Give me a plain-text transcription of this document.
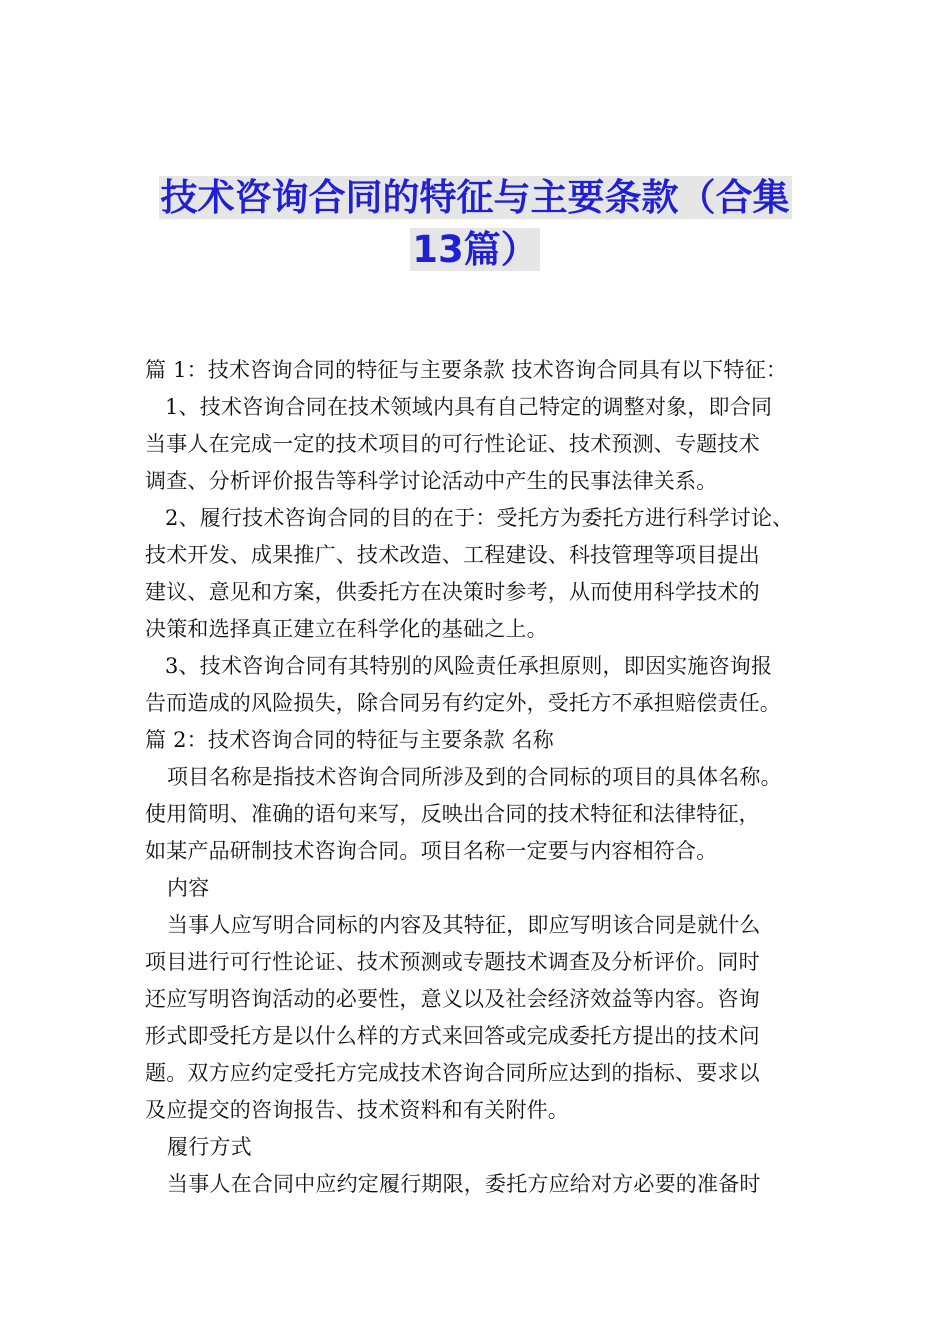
技术咨询合同的特征与主要条款（合集
13篇）
篇 1：技术咨询合同的特征与主要条款 技术咨询合同具有以下特征：
1、技术咨询合同在技术领域内具有自己特定的调整对象，即合同
当事人在完成一定的技术项目的可行性论证、技术预测、专题技术
调查、分析评价报告等科学讨论活动中产生的民事法律关系。
2、履行技术咨询合同的目的在于：受托方为委托方进行科学讨论、
技术开发、成果推广、技术改造、工程建设、科技管理等项目提出
建议、意见和方案，供委托方在决策时参考，从而使用科学技术的
决策和选择真正建立在科学化的基础之上。
3、技术咨询合同有其特别的风险责任承担原则，即因实施咨询报
告而造成的风险损失，除合同另有约定外，受托方不承担赔偿责任。
篇 2：技术咨询合同的特征与主要条款 名称
项目名称是指技术咨询合同所涉及到的合同标的项目的具体名称。
使用简明、准确的语句来写，反映出合同的技术特征和法律特征，
如某产品研制技术咨询合同。项目名称一定要与内容相符合。
内容
当事人应写明合同标的内容及其特征，即应写明该合同是就什么
项目进行可行性论证、技术预测或专题技术调查及分析评价。同时
还应写明咨询活动的必要性，意义以及社会经济效益等内容。咨询
形式即受托方是以什么样的方式来回答或完成委托方提出的技术问
题。双方应约定受托方完成技术咨询合同所应达到的指标、要求以
及应提交的咨询报告、技术资料和有关附件。
履行方式
当事人在合同中应约定履行期限，委托方应给对方必要的准备时
